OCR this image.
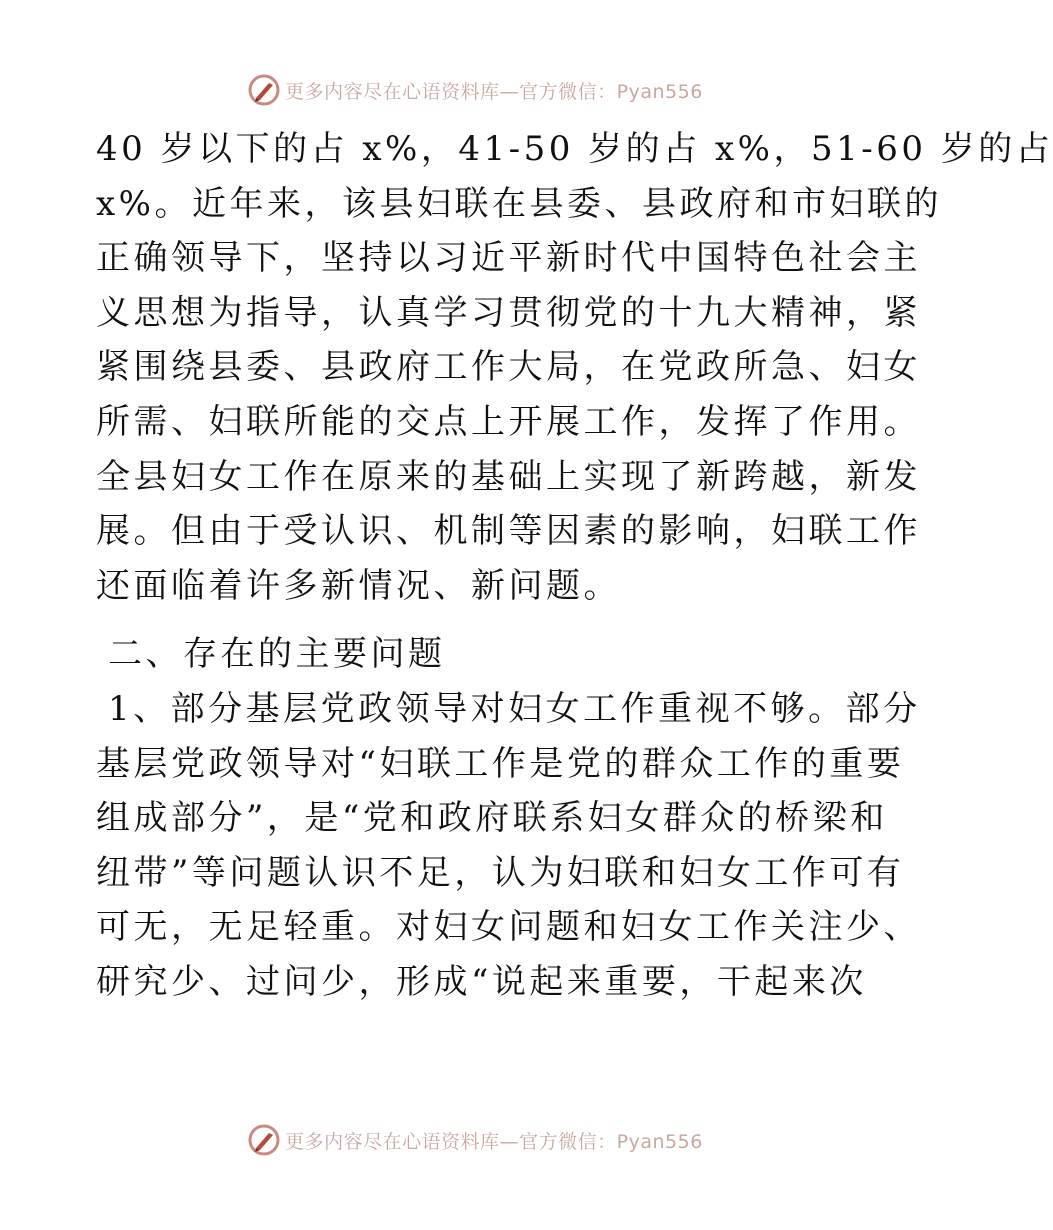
更多内容尽在心语资料库—官方微信：Pyan556
40 岁以下的占 x%，41-50 岁的占 x%，51-60 岁的占
x%。近年来，该县妇联在县委、县政府和市妇联的
正确领导下，坚持以习近平新时代中国特色社会主
义思想为指导，认真学习贯彻党的十九大精神，紧
紧围绕县委、县政府工作大局，在党政所急、妇女
所需、妇联所能的交点上开展工作，发挥了作用。
全县妇女工作在原来的基础上实现了新跨越，新发
展。但由于受认识、机制等因素的影响，妇联工作
还面临着许多新情况、新问题。
二、存在的主要问题
1、部分基层党政领导对妇女工作重视不够。部分
基层党政领导对“妇联工作是党的群众工作的重要
组成部分”，是“党和政府联系妇女群众的桥梁和
纽带”等问题认识不足，认为妇联和妇女工作可有
可无，无足轻重。对妇女问题和妇女工作关注少、
研究少、过问少，形成“说起来重要，干起来次
更多内容尽在心语资料库—官方微信：Pyan556
